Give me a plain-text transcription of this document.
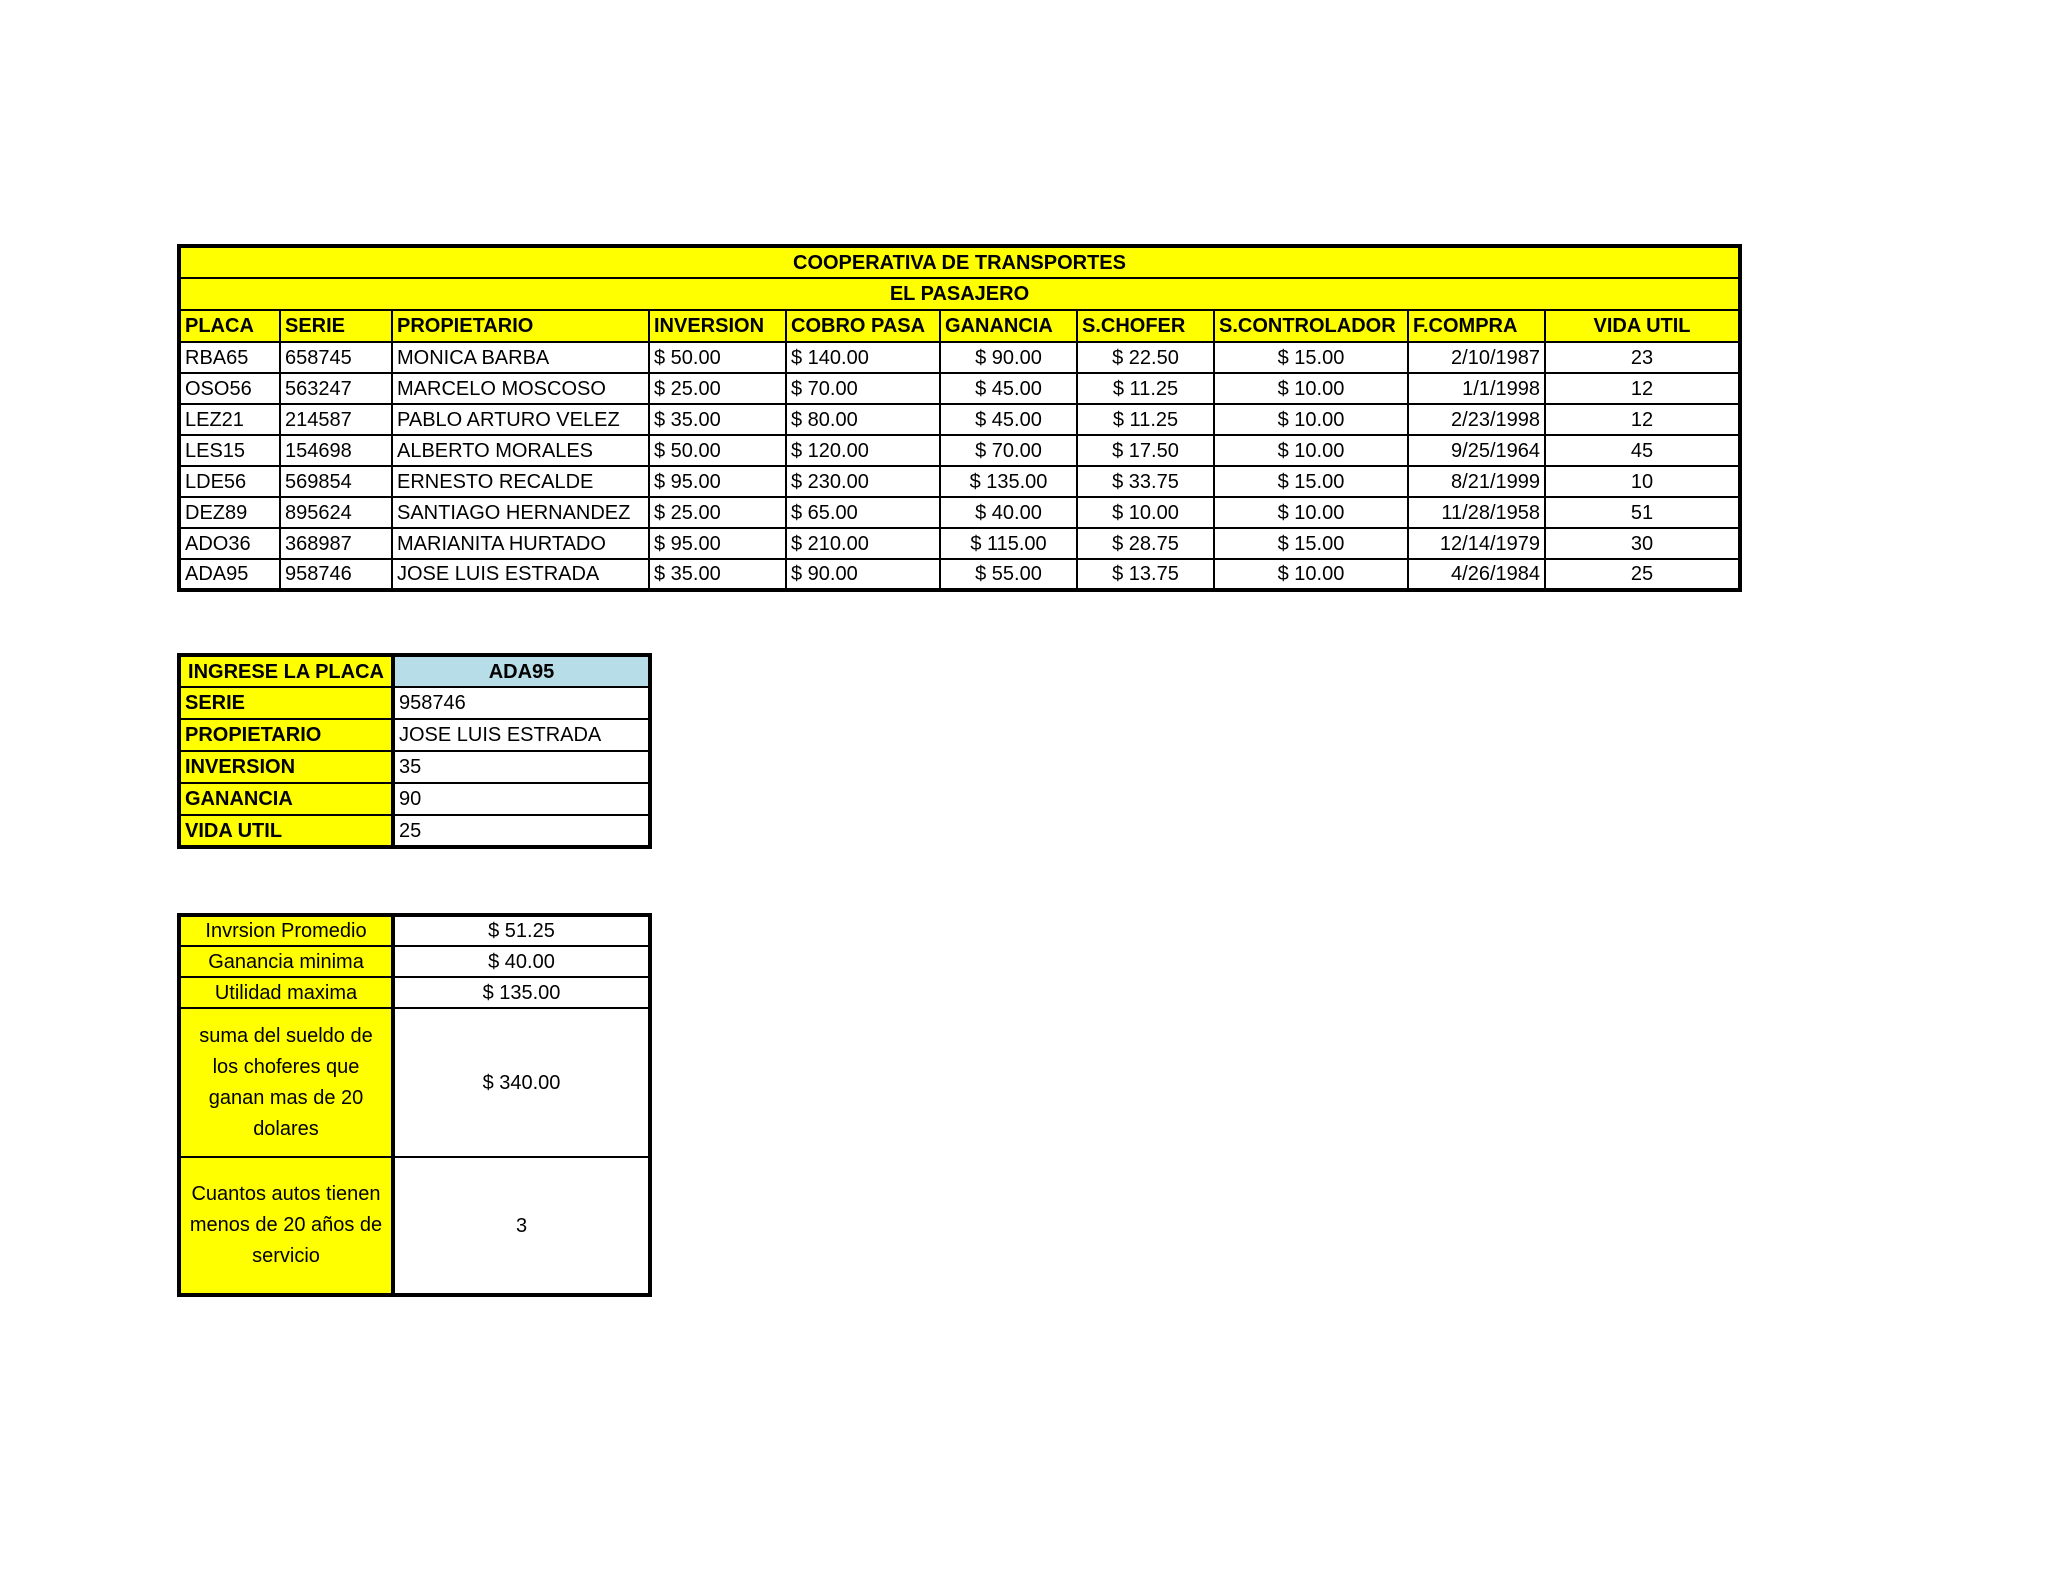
COOPERATIVA DE TRANSPORTES									
EL PASAJERO									
PLACA	SERIE	PROPIETARIO	INVERSION	COBRO PASA	GANANCIA	S.CHOFER	S.CONTROLADOR	F.COMPRA	VIDA UTIL
RBA65	658745	MONICA BARBA	$ 50.00	$ 140.00	$ 90.00	$ 22.50	$ 15.00	2/10/1987	23
OSO56	563247	MARCELO MOSCOSO	$ 25.00	$ 70.00	$ 45.00	$ 11.25	$ 10.00	1/1/1998	12
LEZ21	214587	PABLO ARTURO VELEZ	$ 35.00	$ 80.00	$ 45.00	$ 11.25	$ 10.00	2/23/1998	12
LES15	154698	ALBERTO MORALES	$ 50.00	$ 120.00	$ 70.00	$ 17.50	$ 10.00	9/25/1964	45
LDE56	569854	ERNESTO RECALDE	$ 95.00	$ 230.00	$ 135.00	$ 33.75	$ 15.00	8/21/1999	10
DEZ89	895624	SANTIAGO HERNANDEZ	$ 25.00	$ 65.00	$ 40.00	$ 10.00	$ 10.00	11/28/1958	51
ADO36	368987	MARIANITA HURTADO	$ 95.00	$ 210.00	$ 115.00	$ 28.75	$ 15.00	12/14/1979	30
ADA95	958746	JOSE LUIS ESTRADA	$ 35.00	$ 90.00	$ 55.00	$ 13.75	$ 10.00	4/26/1984	25
INGRESE LA PLACA	ADA95
SERIE	958746
PROPIETARIO	JOSE LUIS ESTRADA
INVERSION	35
GANANCIA	90
VIDA UTIL	25
Invrsion Promedio	$ 51.25
Ganancia minima	$ 40.00
Utilidad maxima	$ 135.00
suma del sueldo de los choferes que ganan mas de 20 dolares	$ 340.00
Cuantos autos tienen menos de 20 años de servicio	3
